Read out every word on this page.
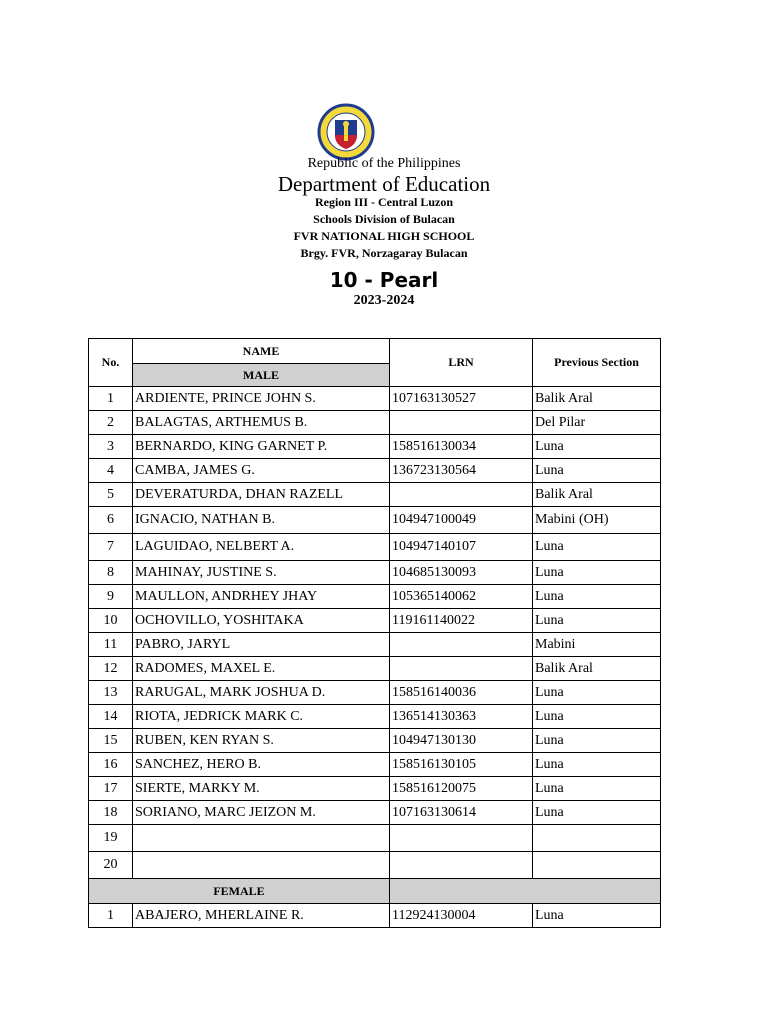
Republic of the Philippines
Department of Education
Region III - Central Luzon
Schools Division of Bulacan
FVR NATIONAL HIGH SCHOOL
Brgy. FVR, Norzagaray Bulacan
10 - Pearl
2023-2024
No.	NAME	LRN	Previous Section
	MALE		
1	ARDIENTE, PRINCE JOHN S.	107163130527	Balik Aral
2	BALAGTAS, ARTHEMUS B.		Del Pilar
3	BERNARDO, KING GARNET P.	158516130034	Luna
4	CAMBA, JAMES G.	136723130564	Luna
5	DEVERATURDA, DHAN RAZELL		Balik Aral
6	IGNACIO, NATHAN B.	104947100049	Mabini (OH)
7	LAGUIDAO, NELBERT A.	104947140107	Luna
8	MAHINAY, JUSTINE S.	104685130093	Luna
9	MAULLON, ANDRHEY JHAY	105365140062	Luna
10	OCHOVILLO, YOSHITAKA	119161140022	Luna
11	PABRO, JARYL		Mabini
12	RADOMES, MAXEL E.		Balik Aral
13	RARUGAL, MARK JOSHUA D.	158516140036	Luna
14	RIOTA, JEDRICK MARK C.	136514130363	Luna
15	RUBEN, KEN RYAN S.	104947130130	Luna
16	SANCHEZ, HERO B.	158516130105	Luna
17	SIERTE, MARKY M.	158516120075	Luna
18	SORIANO, MARC JEIZON M.	107163130614	Luna
19			
20			
FEMALE			
1	ABAJERO, MHERLAINE R.	112924130004	Luna
